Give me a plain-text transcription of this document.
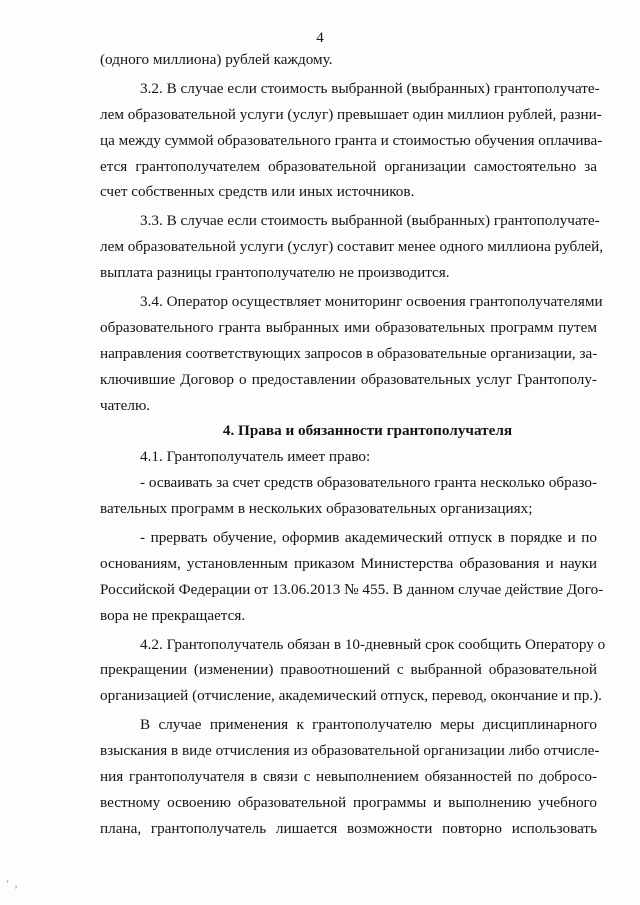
4
(одного миллиона) рублей каждому.
3.2. В случае если стоимость выбранной (выбранных) грантополучате-
лем образовательной услуги (услуг) превышает один миллион рублей, разни-
ца между суммой образовательного гранта и стоимостью обучения оплачива-
ется грантополучателем образовательной организации самостоятельно за
счет собственных средств или иных источников.
3.3. В случае если стоимость выбранной (выбранных) грантополучате-
лем образовательной услуги (услуг) составит менее одного миллиона рублей,
выплата разницы грантополучателю не производится.
3.4. Оператор осуществляет мониторинг освоения грантополучателями
образовательного гранта выбранных ими образовательных программ путем
направления соответствующих запросов в образовательные организации, за-
ключившие Договор о предоставлении образовательных услуг Грантополу-
чателю.
4. Права и обязанности грантополучателя
4.1. Грантополучатель имеет право:
- осваивать за счет средств образовательного гранта несколько образо-
вательных программ в нескольких образовательных организациях;
- прервать обучение, оформив академический отпуск в порядке и по
основаниям, установленным приказом Министерства образования и науки
Российской Федерации от 13.06.2013 № 455. В данном случае действие Дого-
вора не прекращается.
4.2. Грантополучатель обязан в 10-дневный срок сообщить Оператору о
прекращении (изменении) правоотношений с выбранной образовательной
организацией (отчисление, академический отпуск, перевод, окончание и пр.).
В случае применения к грантополучателю меры дисциплинарного
взыскания в виде отчисления из образовательной организации либо отчисле-
ния грантополучателя в связи с невыполнением обязанностей по добросо-
вестному освоению образовательной программы и выполнению учебного
плана, грантополучатель лишается возможности повторно использовать
' ,
